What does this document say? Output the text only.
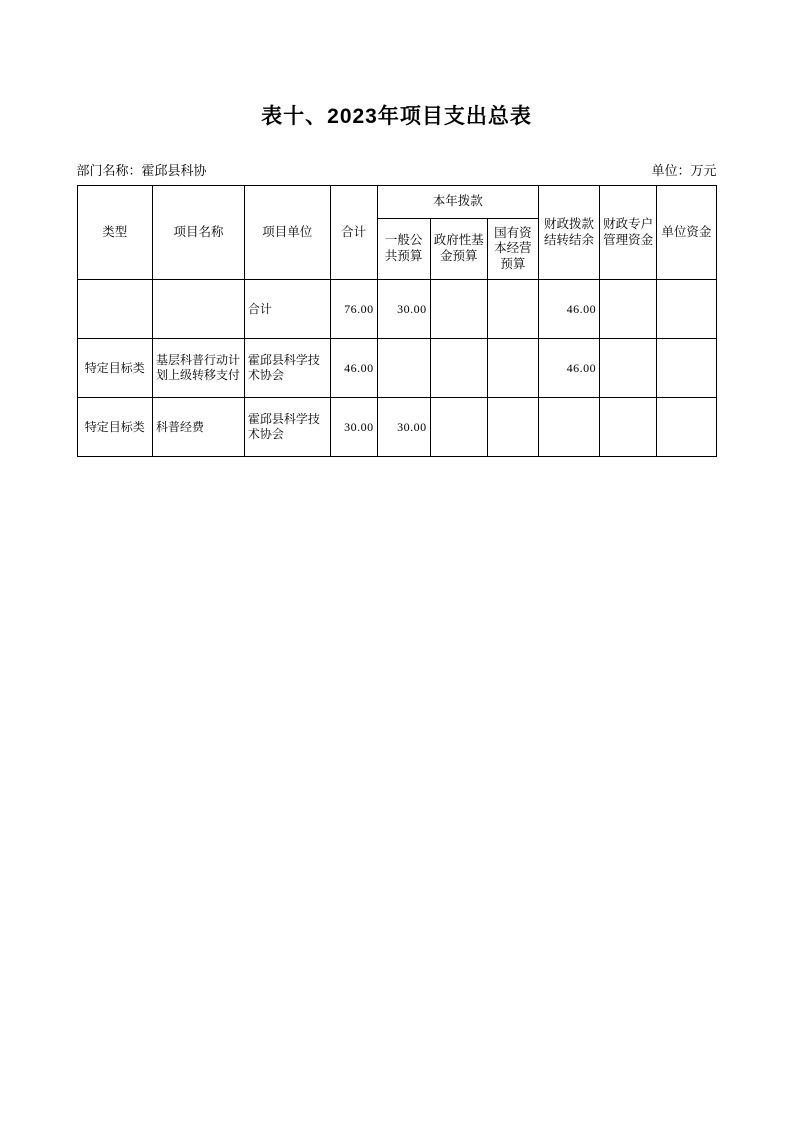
表十、2023年项目支出总表
部门名称：霍邱县科协	单位：万元
类型	项目名称	项目单位	合计	本年拨款			财政拨款结转结余	财政专户管理资金	单位资金
				一般公共预算	政府性基金预算	国有资本经营预算			
		合计	76.00	30.00			46.00		
特定目标类	基层科普行动计划上级转移支付	霍邱县科学技术协会	46.00				46.00		
特定目标类	科普经费	霍邱县科学技术协会	30.00	30.00					
